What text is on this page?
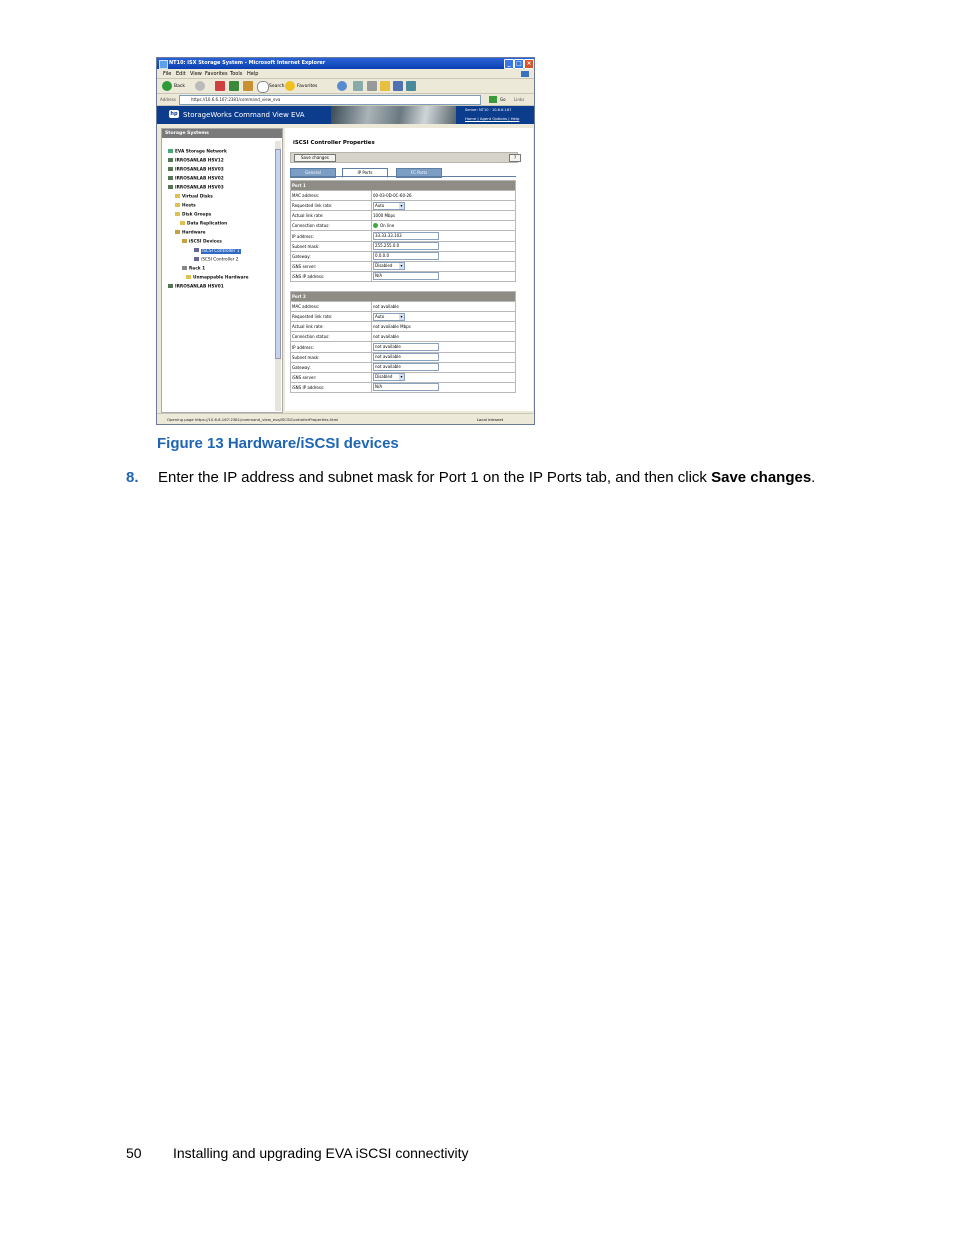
NT10: iSX Storage System - Microsoft Internet Explorer	_ □ ×
File Edit View Favorites Tools Help
Back	Search	Favorites
Address	https://10.6.6.167:2381/command_view_eva	Go Links
hp StorageWorks Command View EVA
Server: NT10 · 10.6.6.167
Home | Agent Options | Help
Storage Systems
EVA Storage Network
IRROSANLAB HSV12
IRROSANLAB HSV03
IRROSANLAB HSV02
IRROSANLAB HSV03
Virtual Disks
Hosts
Disk Groups
Data Replication
Hardware
iSCSI Devices
iSCSI Controller 1
iSCSI Controller 2
Rack 1
Unmappable Hardware
IRROSANLAB HSV01
iSCSI Controller Properties
Save changes	?
General	IP Ports	FC Ports
Port 1	
MAC address:	00-03-0D-0C-60-26
Requested link rate:	Auto ▾
Actual link rate:	1000 Mbps
Connection status:	On line
IP address:	33.33.33.103
Subnet mask:	255.255.0.0
Gateway:	0.0.0.0
iSNS server:	Disabled ▾
iSNS IP address:	N/A
Port 2	
MAC address:	not available
Requested link rate:	Auto ▾
Actual link rate:	not available Mbps
Connection status:	not available
IP address:	not available
Subnet mask:	not available
Gateway:	not available
iSNS server:	Disabled ▾
iSNS IP address:	N/A
Opening page https://10.6.6.167:2381/command_view_eva/iSCSIControllerProperties.html	Local intranet
Figure 13 Hardware/iSCSI devices
8. Enter the IP address and subnet mask for Port 1 on the IP Ports tab, and then click Save changes.
50 Installing and upgrading EVA iSCSI connectivity
